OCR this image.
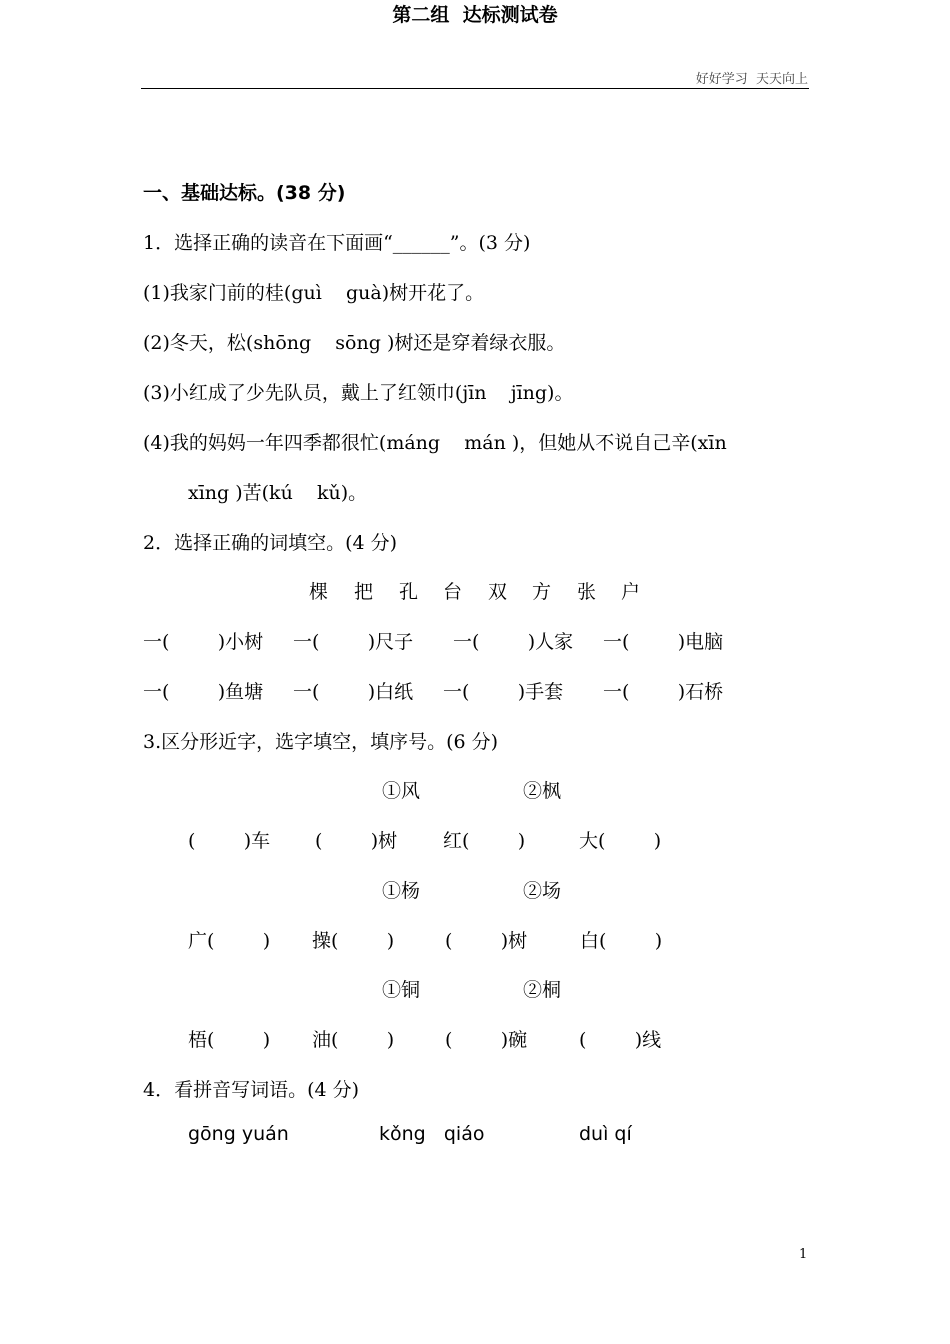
好好学习  天天向上
第二组  达标测试卷
一、基础达标。(38 分)
1．选择正确的读音在下面画“______”。(3 分)
(1)我家门前的桂(guì    guà)树开花了。
(2)冬天，松(shōng    sōng )树还是穿着绿衣服。
(3)小红成了少先队员，戴上了红领巾(jīn    jīng)。
(4)我的妈妈一年四季都很忙(máng    mán )，但她从不说自己辛(xīn
xīng )苦(kú    kǔ)。
2．选择正确的词填空。(4 分)
棵 把 孔 台 双 方 张 户
一(        )小树 一(        )尺子 一(        )人家 一(        )电脑
一(        )鱼塘 一(        )白纸 一(        )手套 一(        )石桥
3.区分形近字，选字填空，填序号。(6 分)
①风	②枫
(        )车 (        )树 红(        )	大(        )
①杨	②场
广(        ) 操(        )	(        )树	白(        )
①铜	②桐
梧(        ) 油(        )	(        )碗	(        )线
4．看拼音写词语。(4 分)
gōng yuán	kǒng   qiáo	duì qí
1
